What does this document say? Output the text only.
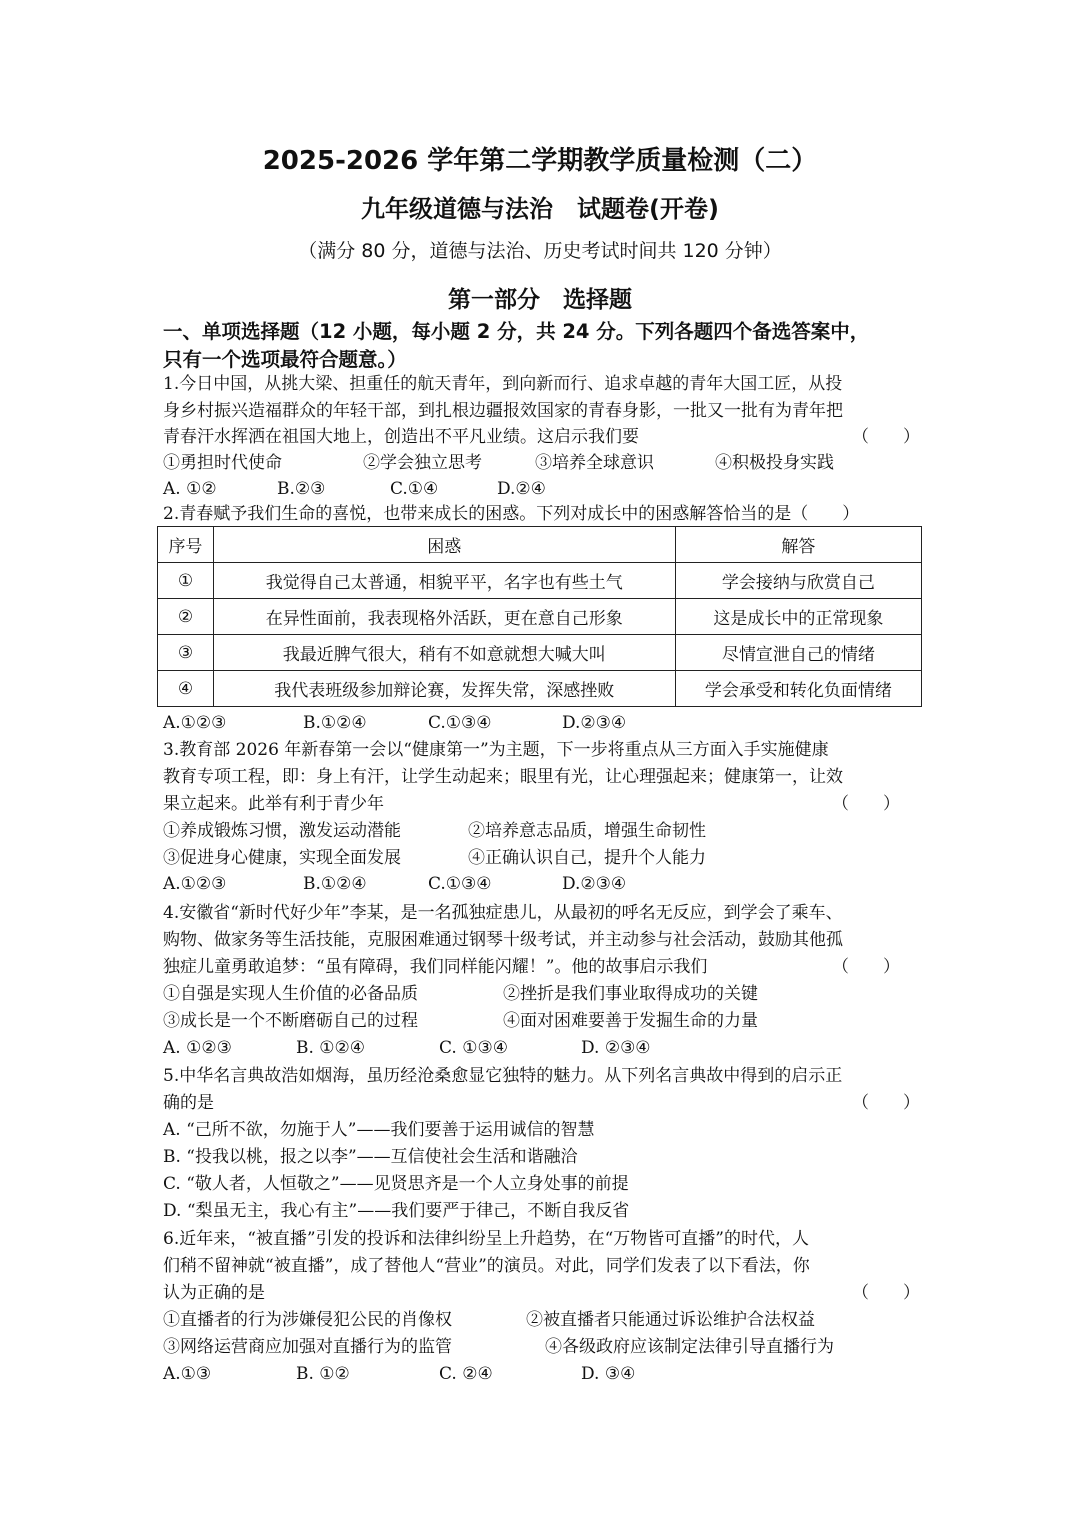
2025-2026 学年第二学期教学质量检测（二）
九年级道德与法治　试题卷(开卷)
（满分 80 分，道德与法治、历史考试时间共 120 分钟）
第一部分　选择题
一、单项选择题（12 小题，每小题 2 分，共 24 分。下列各题四个备选答案中，
只有一个选项最符合题意。）
1.今日中国，从挑大梁、担重任的航天青年，到向新而行、追求卓越的青年大国工匠，从投
身乡村振兴造福群众的年轻干部，到扎根边疆报效国家的青春身影，一批又一批有为青年把
青春汗水挥洒在祖国大地上，创造出不平凡业绩。这启示我们要	（　　）
①勇担时代使命	②学会独立思考	③培养全球意识	④积极投身实践
A. ①②	B.②③	C.①④	D.②④
2.青春赋予我们生命的喜悦，也带来成长的困惑。下列对成长中的困惑解答恰当的是（　　）
序号	困惑	解答
①	我觉得自己太普通，相貌平平，名字也有些土气	学会接纳与欣赏自己
②	在异性面前，我表现格外活跃，更在意自己形象	这是成长中的正常现象
③	我最近脾气很大，稍有不如意就想大喊大叫	尽情宣泄自己的情绪
④	我代表班级参加辩论赛，发挥失常，深感挫败	学会承受和转化负面情绪
A.①②③	B.①②④	C.①③④	D.②③④
3.教育部 2026 年新春第一会以“健康第一”为主题，下一步将重点从三方面入手实施健康
教育专项工程，即：身上有汗，让学生动起来；眼里有光，让心理强起来；健康第一，让效
果立起来。此举有利于青少年	（　　）
①养成锻炼习惯，激发运动潜能	②培养意志品质，增强生命韧性
③促进身心健康，实现全面发展	④正确认识自己，提升个人能力
A.①②③	B.①②④	C.①③④	D.②③④
4.安徽省“新时代好少年”李某，是一名孤独症患儿，从最初的呼名无反应，到学会了乘车、
购物、做家务等生活技能，克服困难通过钢琴十级考试，并主动参与社会活动，鼓励其他孤
独症儿童勇敢追梦：“虽有障碍，我们同样能闪耀！”。他的故事启示我们	（　　）
①自强是实现人生价值的必备品质	②挫折是我们事业取得成功的关键
③成长是一个不断磨砺自己的过程	④面对困难要善于发掘生命的力量
A. ①②③	B. ①②④	C. ①③④	D. ②③④
5.中华名言典故浩如烟海，虽历经沧桑愈显它独特的魅力。从下列名言典故中得到的启示正
确的是	（　　）
A. “己所不欲，勿施于人”——我们要善于运用诚信的智慧
B. “投我以桃，报之以李”——互信使社会生活和谐融洽
C. “敬人者，人恒敬之”——见贤思齐是一个人立身处事的前提
D. “梨虽无主，我心有主”——我们要严于律己，不断自我反省
6.近年来，“被直播”引发的投诉和法律纠纷呈上升趋势，在“万物皆可直播”的时代，人
们稍不留神就“被直播”，成了替他人“营业”的演员。对此，同学们发表了以下看法，你
认为正确的是	（　　）
①直播者的行为涉嫌侵犯公民的肖像权	②被直播者只能通过诉讼维护合法权益
③网络运营商应加强对直播行为的监管	④各级政府应该制定法律引导直播行为
A.①③	B. ①②	C. ②④	D. ③④
